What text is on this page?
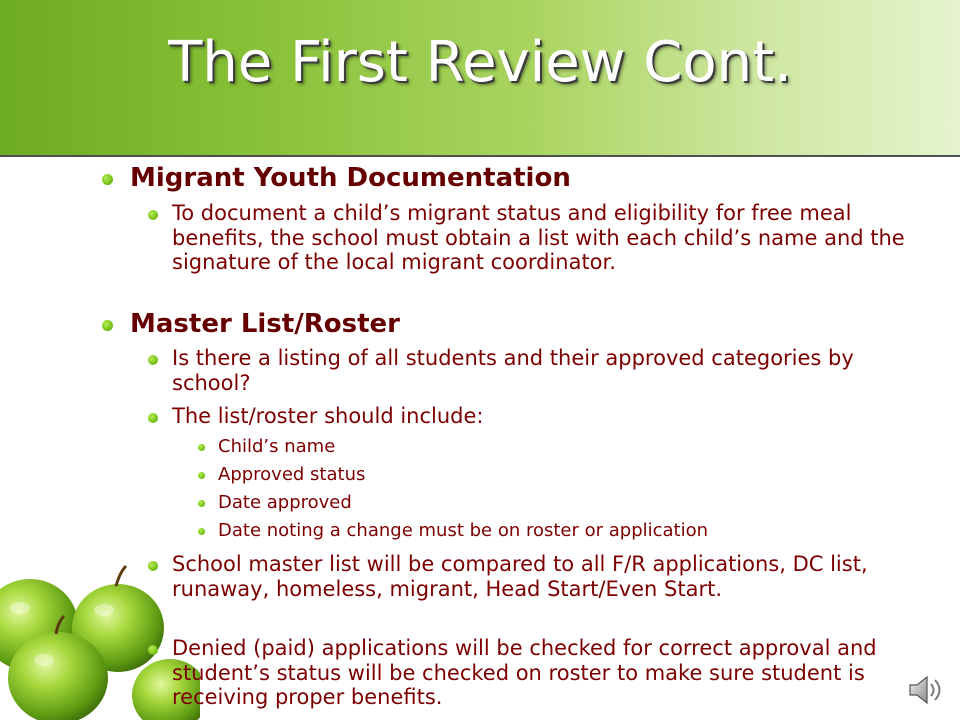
The First Review Cont.

Migrant Youth Documentation

To document a child’s migrant status and eligibility for free meal benefits, the school must obtain a list with each child’s name and the signature of the local migrant coordinator.

Master List/Roster

Is there a listing of all students and their approved categories by school?

The list/roster should include:

Child’s name

Approved status

Date approved

Date noting a change must be on roster or application

School master list will be compared to all F/R applications, DC list, runaway, homeless, migrant, Head Start/Even Start.

Denied (paid) applications will be checked for correct approval and student’s status will be checked on roster to make sure student is receiving proper benefits.
